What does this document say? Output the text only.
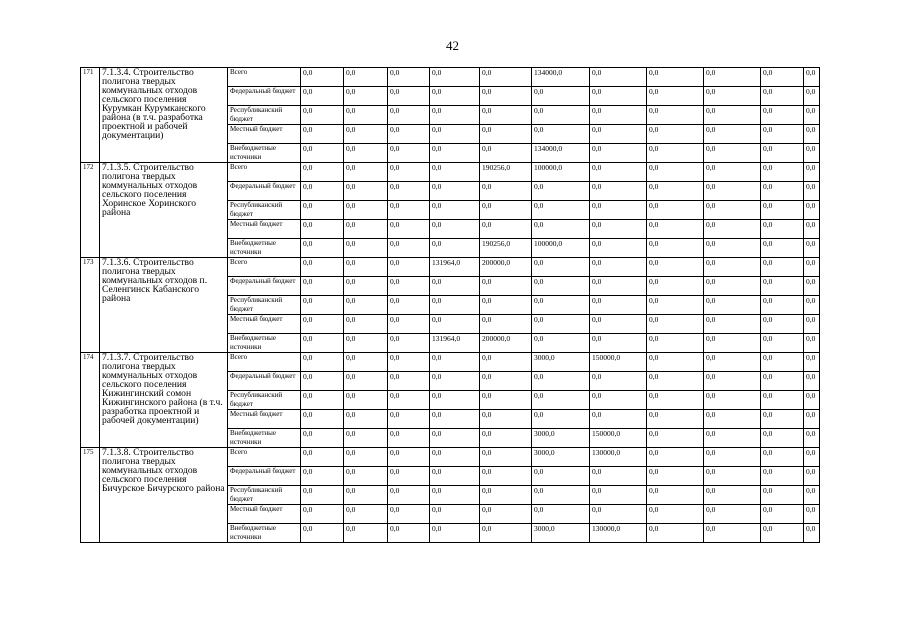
42
171	7.1.3.4. Строительство полигона твердых коммунальных отходов сельского поселения Курумкан Курумканского района (в т.ч. разработка проектной и рабочей документации)	Всего	0,0	0,0	0,0	0,0	0,0	134000,0	0,0	0,0	0,0	0,0	0,0
		Федеральный бюджет	0,0	0,0	0,0	0,0	0,0	0,0	0,0	0,0	0,0	0,0	0,0
		Республиканский бюджет	0,0	0,0	0,0	0,0	0,0	0,0	0,0	0,0	0,0	0,0	0,0
		Местный бюджет	0,0	0,0	0,0	0,0	0,0	0,0	0,0	0,0	0,0	0,0	0,0
		Внебюджетные источники	0,0	0,0	0,0	0,0	0,0	134000,0	0,0	0,0	0,0	0,0	0,0
172	7.1.3.5. Строительство полигона твердых коммунальных отходов сельского поселения Хоринское Хоринского района	Всего	0,0	0,0	0,0	0,0	190256,0	100000,0	0,0	0,0	0,0	0,0	0,0
		Федеральный бюджет	0,0	0,0	0,0	0,0	0,0	0,0	0,0	0,0	0,0	0,0	0,0
		Республиканский бюджет	0,0	0,0	0,0	0,0	0,0	0,0	0,0	0,0	0,0	0,0	0,0
		Местный бюджет	0,0	0,0	0,0	0,0	0,0	0,0	0,0	0,0	0,0	0,0	0,0
		Внебюджетные источники	0,0	0,0	0,0	0,0	190256,0	100000,0	0,0	0,0	0,0	0,0	0,0
173	7.1.3.6. Строительство полигона твердых коммунальных отходов п. Селенгинск Кабанского района	Всего	0,0	0,0	0,0	131964,0	200000,0	0,0	0,0	0,0	0,0	0,0	0,0
		Федеральный бюджет	0,0	0,0	0,0	0,0	0,0	0,0	0,0	0,0	0,0	0,0	0,0
		Республиканский бюджет	0,0	0,0	0,0	0,0	0,0	0,0	0,0	0,0	0,0	0,0	0,0
		Местный бюджет	0,0	0,0	0,0	0,0	0,0	0,0	0,0	0,0	0,0	0,0	0,0
		Внебюджетные источники	0,0	0,0	0,0	131964,0	200000,0	0,0	0,0	0,0	0,0	0,0	0,0
174	7.1.3.7. Строительство полигона твердых коммунальных отходов сельского поселения Кижингинский сомон Кижингинского района (в т.ч. разработка проектной и рабочей документации)	Всего	0,0	0,0	0,0	0,0	0,0	3000,0	150000,0	0,0	0,0	0,0	0,0
		Федеральный бюджет	0,0	0,0	0,0	0,0	0,0	0,0	0,0	0,0	0,0	0,0	0,0
		Республиканский бюджет	0,0	0,0	0,0	0,0	0,0	0,0	0,0	0,0	0,0	0,0	0,0
		Местный бюджет	0,0	0,0	0,0	0,0	0,0	0,0	0,0	0,0	0,0	0,0	0,0
		Внебюджетные источники	0,0	0,0	0,0	0,0	0,0	3000,0	150000,0	0,0	0,0	0,0	0,0
175	7.1.3.8. Строительство полигона твердых коммунальных отходов сельского поселения Бичурское Бичурского района	Всего	0,0	0,0	0,0	0,0	0,0	3000,0	130000,0	0,0	0,0	0,0	0,0
		Федеральный бюджет	0,0	0,0	0,0	0,0	0,0	0,0	0,0	0,0	0,0	0,0	0,0
		Республиканский бюджет	0,0	0,0	0,0	0,0	0,0	0,0	0,0	0,0	0,0	0,0	0,0
		Местный бюджет	0,0	0,0	0,0	0,0	0,0	0,0	0,0	0,0	0,0	0,0	0,0
		Внебюджетные источники	0,0	0,0	0,0	0,0	0,0	3000,0	130000,0	0,0	0,0	0,0	0,0
